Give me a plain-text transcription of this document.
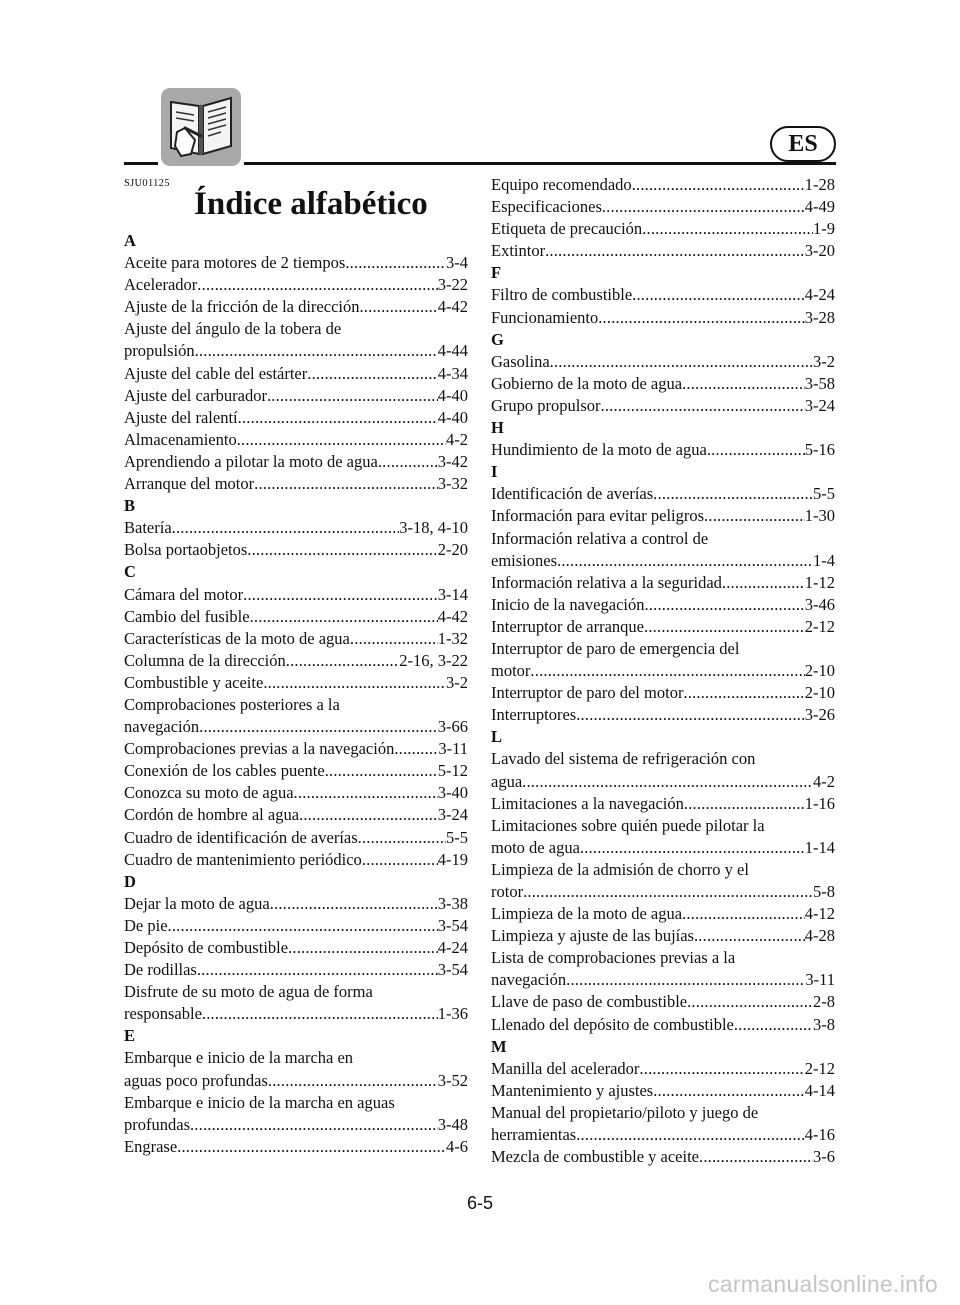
ES
SJU01125
Índice alfabético
A
Aceite para motores de 2 tiempos .....	3-4
Acelerador .....	3-22
Ajuste de la fricción de la dirección .....	4-42
Ajuste del ángulo de la tobera de
propulsión .....	4-44
Ajuste del cable del estárter .....	4-34
Ajuste del carburador .....	4-40
Ajuste del ralentí .....	4-40
Almacenamiento .....	4-2
Aprendiendo a pilotar la moto de agua .....	3-42
Arranque del motor .....	3-32
B
Batería .....	3-18, 4-10
Bolsa portaobjetos .....	2-20
C
Cámara del motor .....	3-14
Cambio del fusible .....	4-42
Características de la moto de agua .....	1-32
Columna de la dirección .....	2-16, 3-22
Combustible y aceite .....	3-2
Comprobaciones posteriores a la
navegación .....	3-66
Comprobaciones previas a la navegación .....	3-11
Conexión de los cables puente .....	5-12
Conozca su moto de agua .....	3-40
Cordón de hombre al agua .....	3-24
Cuadro de identificación de averías .....	5-5
Cuadro de mantenimiento periódico .....	4-19
D
Dejar la moto de agua .....	3-38
De pie .....	3-54
Depósito de combustible .....	4-24
De rodillas .....	3-54
Disfrute de su moto de agua de forma
responsable .....	1-36
E
Embarque e inicio de la marcha en
aguas poco profundas .....	3-52
Embarque e inicio de la marcha en aguas
profundas .....	3-48
Engrase .....	4-6
Equipo recomendado .....	1-28
Especificaciones .....	4-49
Etiqueta de precaución .....	1-9
Extintor .....	3-20
F
Filtro de combustible .....	4-24
Funcionamiento .....	3-28
G
Gasolina .....	3-2
Gobierno de la moto de agua .....	3-58
Grupo propulsor .....	3-24
H
Hundimiento de la moto de agua .....	5-16
I
Identificación de averías .....	5-5
Información para evitar peligros .....	1-30
Información relativa a control de
emisiones .....	1-4
Información relativa a la seguridad .....	1-12
Inicio de la navegación .....	3-46
Interruptor de arranque .....	2-12
Interruptor de paro de emergencia del
motor .....	2-10
Interruptor de paro del motor .....	2-10
Interruptores .....	3-26
L
Lavado del sistema de refrigeración con
agua .....	4-2
Limitaciones a la navegación .....	1-16
Limitaciones sobre quién puede pilotar la
moto de agua .....	1-14
Limpieza de la admisión de chorro y el
rotor .....	5-8
Limpieza de la moto de agua .....	4-12
Limpieza y ajuste de las bujías .....	4-28
Lista de comprobaciones previas a la
navegación .....	3-11
Llave de paso de combustible .....	2-8
Llenado del depósito de combustible .....	3-8
M
Manilla del acelerador .....	2-12
Mantenimiento y ajustes .....	4-14
Manual del propietario/piloto y juego de
herramientas .....	4-16
Mezcla de combustible y aceite .....	3-6
6-5
carmanualsonline.info
